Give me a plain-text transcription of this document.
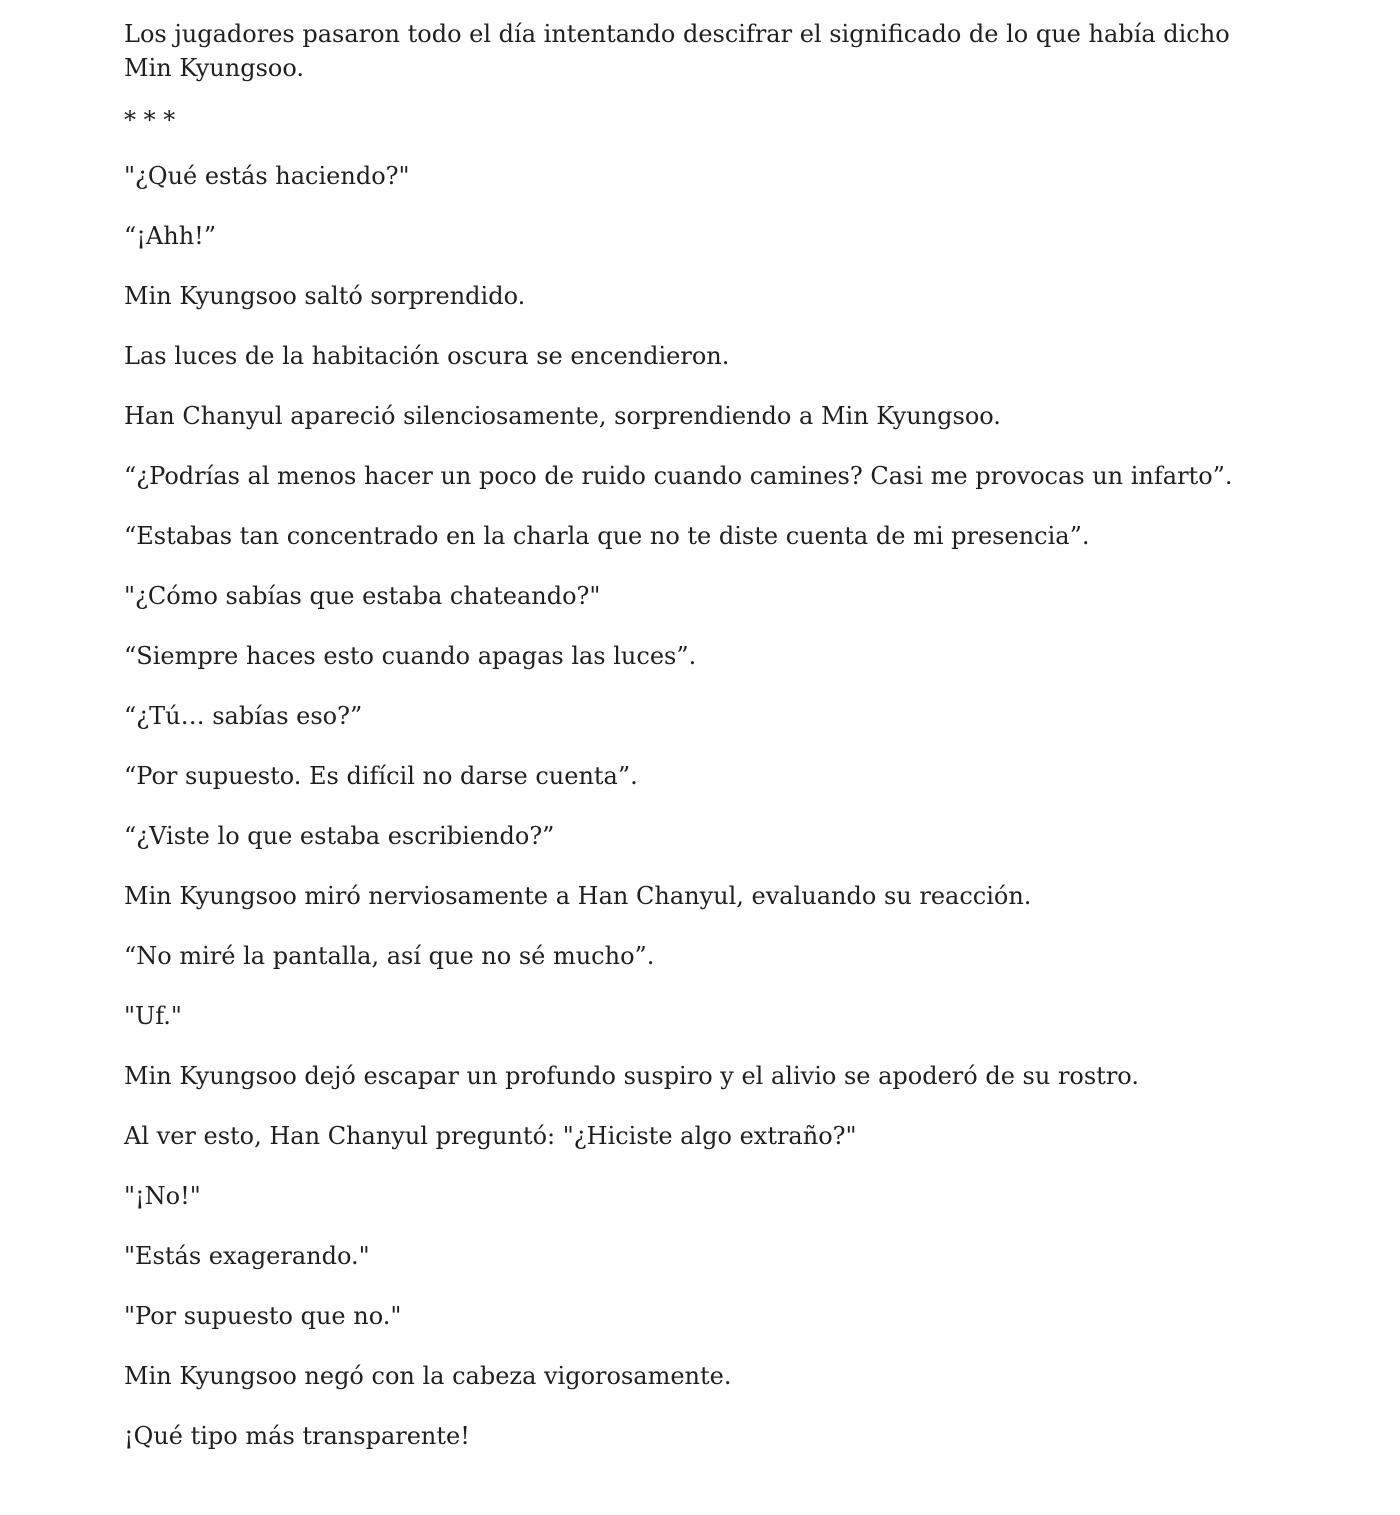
Los jugadores pasaron todo el día intentando descifrar el significado de lo que había dicho Min Kyungsoo.

* * *

"¿Qué estás haciendo?"

“¡Ahh!”

Min Kyungsoo saltó sorprendido.

Las luces de la habitación oscura se encendieron.

Han Chanyul apareció silenciosamente, sorprendiendo a Min Kyungsoo.

“¿Podrías al menos hacer un poco de ruido cuando camines? Casi me provocas un infarto”.

“Estabas tan concentrado en la charla que no te diste cuenta de mi presencia”.

"¿Cómo sabías que estaba chateando?"

“Siempre haces esto cuando apagas las luces”.

“¿Tú… sabías eso?”

“Por supuesto. Es difícil no darse cuenta”.

“¿Viste lo que estaba escribiendo?”

Min Kyungsoo miró nerviosamente a Han Chanyul, evaluando su reacción.

“No miré la pantalla, así que no sé mucho”.

"Uf."

Min Kyungsoo dejó escapar un profundo suspiro y el alivio se apoderó de su rostro.

Al ver esto, Han Chanyul preguntó: "¿Hiciste algo extraño?"

"¡No!"

"Estás exagerando."

"Por supuesto que no."

Min Kyungsoo negó con la cabeza vigorosamente.

¡Qué tipo más transparente!
